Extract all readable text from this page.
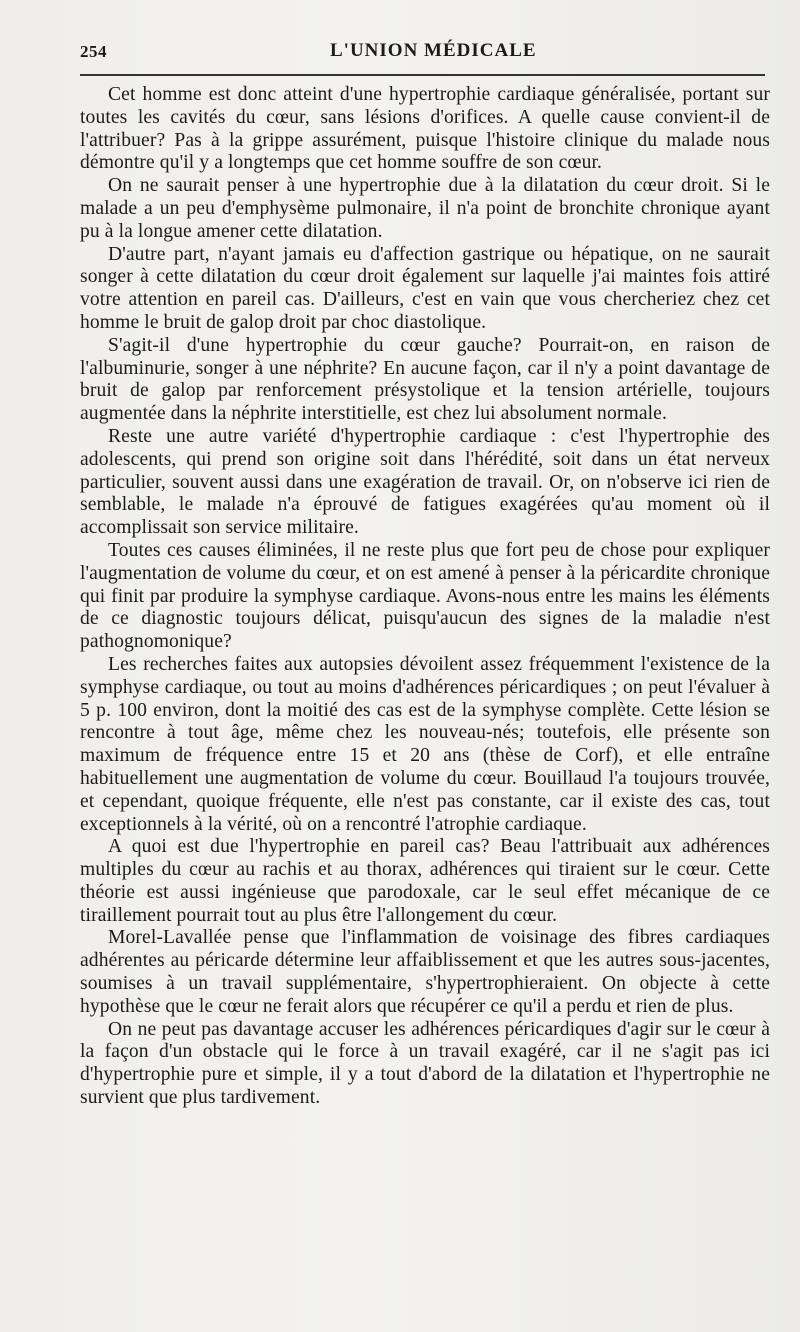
254	L'UNION MÉDICALE

Cet homme est donc atteint d'une hypertrophie cardiaque généralisée, portant sur toutes les cavités du cœur, sans lésions d'orifices. A quelle cause convient-il de l'attribuer? Pas à la grippe assurément, puisque l'histoire clinique du malade nous démontre qu'il y a longtemps que cet homme souffre de son cœur.

On ne saurait penser à une hypertrophie due à la dilatation du cœur droit. Si le malade a un peu d'emphysème pulmonaire, il n'a point de bronchite chronique ayant pu à la longue amener cette dilatation.

D'autre part, n'ayant jamais eu d'affection gastrique ou hépatique, on ne saurait songer à cette dilatation du cœur droit également sur laquelle j'ai maintes fois attiré votre attention en pareil cas. D'ailleurs, c'est en vain que vous chercheriez chez cet homme le bruit de galop droit par choc diastolique.

S'agit-il d'une hypertrophie du cœur gauche? Pourrait-on, en raison de l'albuminurie, songer à une néphrite? En aucune façon, car il n'y a point davantage de bruit de galop par renforcement présystolique et la tension artérielle, toujours augmentée dans la néphrite interstitielle, est chez lui absolument normale.

Reste une autre variété d'hypertrophie cardiaque : c'est l'hypertrophie des adolescents, qui prend son origine soit dans l'hérédité, soit dans un état nerveux particulier, souvent aussi dans une exagération de travail. Or, on n'observe ici rien de semblable, le malade n'a éprouvé de fatigues exagérées qu'au moment où il accomplissait son service militaire.

Toutes ces causes éliminées, il ne reste plus que fort peu de chose pour expliquer l'augmentation de volume du cœur, et on est amené à penser à la péricardite chronique qui finit par produire la symphyse cardiaque. Avons-nous entre les mains les éléments de ce diagnostic toujours délicat, puisqu'aucun des signes de la maladie n'est pathognomonique?

Les recherches faites aux autopsies dévoilent assez fréquemment l'existence de la symphyse cardiaque, ou tout au moins d'adhérences péricardiques ; on peut l'évaluer à 5 p. 100 environ, dont la moitié des cas est de la symphyse complète. Cette lésion se rencontre à tout âge, même chez les nouveau-nés; toutefois, elle présente son maximum de fréquence entre 15 et 20 ans (thèse de Corf), et elle entraîne habituellement une augmentation de volume du cœur. Bouillaud l'a toujours trouvée, et cependant, quoique fréquente, elle n'est pas constante, car il existe des cas, tout exceptionnels à la vérité, où on a rencontré l'atrophie cardiaque.

A quoi est due l'hypertrophie en pareil cas? Beau l'attribuait aux adhérences multiples du cœur au rachis et au thorax, adhérences qui tiraient sur le cœur. Cette théorie est aussi ingénieuse que parodoxale, car le seul effet mécanique de ce tiraillement pourrait tout au plus être l'allongement du cœur.

Morel-Lavallée pense que l'inflammation de voisinage des fibres cardiaques adhérentes au péricarde détermine leur affaiblissement et que les autres sous-jacentes, soumises à un travail supplémentaire, s'hypertrophieraient. On objecte à cette hypothèse que le cœur ne ferait alors que récupérer ce qu'il a perdu et rien de plus.

On ne peut pas davantage accuser les adhérences péricardiques d'agir sur le cœur à la façon d'un obstacle qui le force à un travail exagéré, car il ne s'agit pas ici d'hypertrophie pure et simple, il y a tout d'abord de la dilatation et l'hypertrophie ne survient que plus tardivement.
